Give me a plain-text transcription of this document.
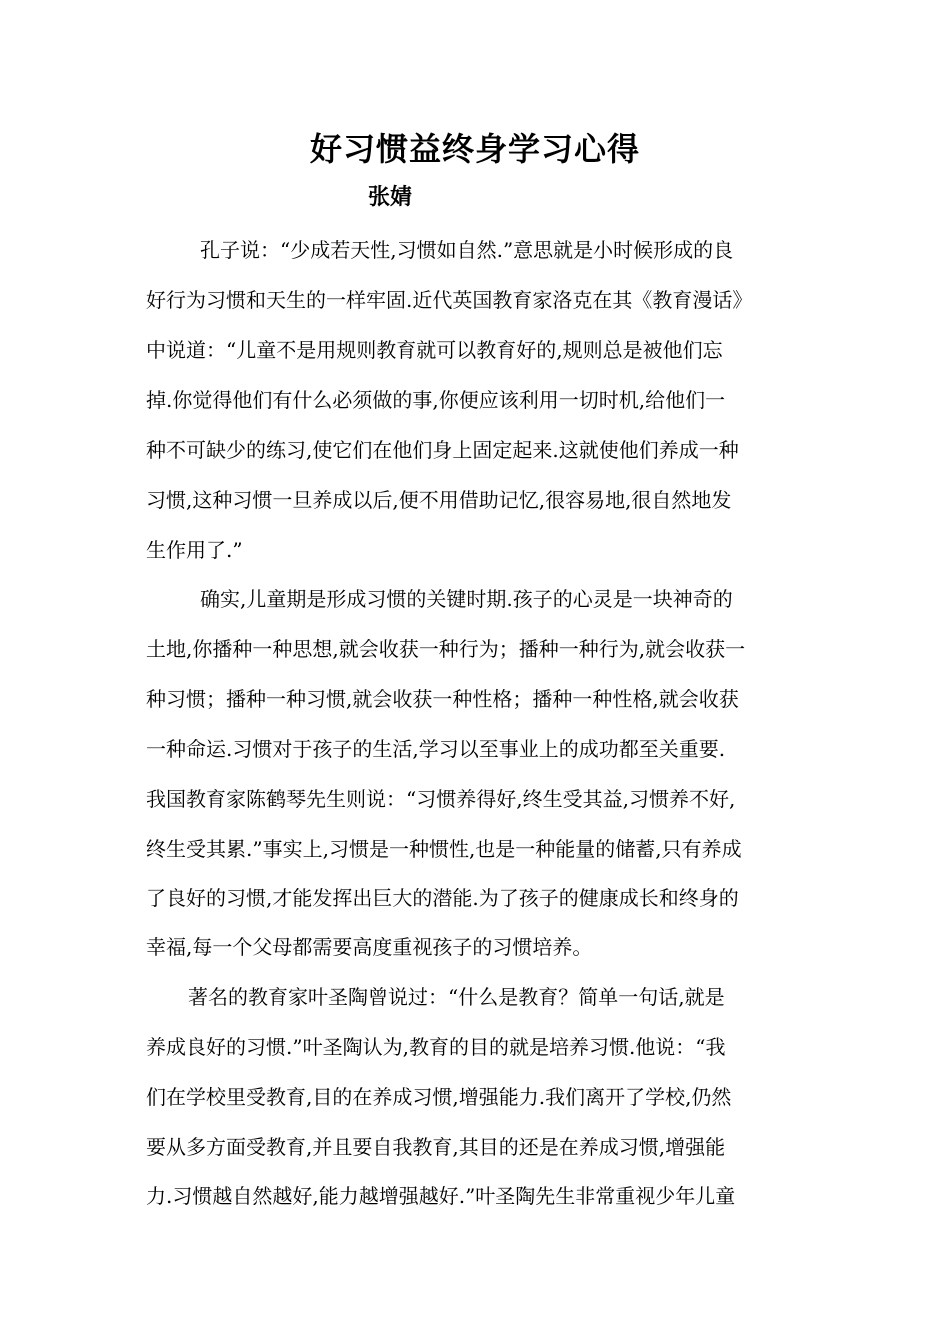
好习惯益终身学习心得
张婧
孔子说：“少成若天性,习惯如自然.”意思就是小时候形成的良
好行为习惯和天生的一样牢固.近代英国教育家洛克在其《教育漫话》
中说道：“儿童不是用规则教育就可以教育好的,规则总是被他们忘
掉.你觉得他们有什么必须做的事,你便应该利用一切时机,给他们一
种不可缺少的练习,使它们在他们身上固定起来.这就使他们养成一种
习惯,这种习惯一旦养成以后,便不用借助记忆,很容易地,很自然地发
生作用了.”
确实,儿童期是形成习惯的关键时期.孩子的心灵是一块神奇的
土地,你播种一种思想,就会收获一种行为；播种一种行为,就会收获一
种习惯；播种一种习惯,就会收获一种性格；播种一种性格,就会收获
一种命运.习惯对于孩子的生活,学习以至事业上的成功都至关重要.
我国教育家陈鹤琴先生则说：“习惯养得好,终生受其益,习惯养不好,
终生受其累.”事实上,习惯是一种惯性,也是一种能量的储蓄,只有养成
了良好的习惯,才能发挥出巨大的潜能.为了孩子的健康成长和终身的
幸福,每一个父母都需要高度重视孩子的习惯培养。
著名的教育家叶圣陶曾说过：“什么是教育？简单一句话,就是
养成良好的习惯.”叶圣陶认为,教育的目的就是培养习惯.他说：“我
们在学校里受教育,目的在养成习惯,增强能力.我们离开了学校,仍然
要从多方面受教育,并且要自我教育,其目的还是在养成习惯,增强能
力.习惯越自然越好,能力越增强越好.”叶圣陶先生非常重视少年儿童
